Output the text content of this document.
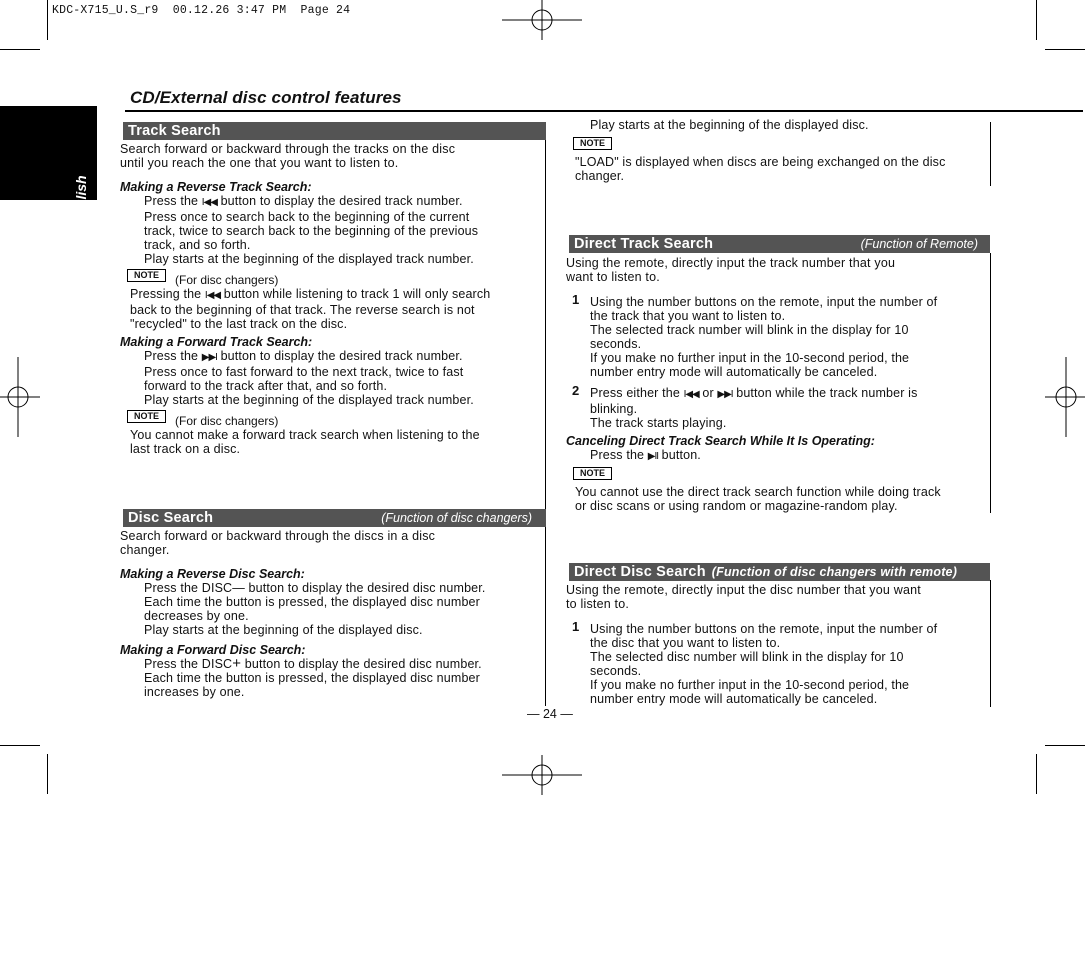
KDC-X715_U.S_r9  00.12.26 3:47 PM  Page 24
English
CD/External disc control features
Track Search
Search forward or backward through the tracks on the disc
until you reach the one that you want to listen to.
Making a Reverse Track Search:
Press the I◀◀ button to display the desired track number.
Press once to search back to the beginning of the current
track, twice to search back to the beginning of the previous
track, and so forth.
Play starts at the beginning of the displayed track number.
NOTE	(For disc changers)
Pressing the I◀◀ button while listening to track 1 will only search
back to the beginning of that track. The reverse search is not
"recycled" to the last track on the disc.
Making a Forward Track Search:
Press the ▶▶I button to display the desired track number.
Press once to fast forward to the next track, twice to fast
forward to the track after that, and so forth.
Play starts at the beginning of the displayed track number.
NOTE	(For disc changers)
You cannot make a forward track search when listening to the
last track on a disc.
Disc Search	(Function of disc changers)
Search forward or backward through the discs in a disc
changer.
Making a Reverse Disc Search:
Press the DISC— button to display the desired disc number.
Each time the button is pressed, the displayed disc number
decreases by one.
Play starts at the beginning of the displayed disc.
Making a Forward Disc Search:
Press the DISC+ button to display the desired disc number.
Each time the button is pressed, the displayed disc number
increases by one.
Play starts at the beginning of the displayed disc.
NOTE
"LOAD" is displayed when discs are being exchanged on the disc
changer.
Direct Track Search	(Function of Remote)
Using the remote, directly input the track number that you
want to listen to.
1 Using the number buttons on the remote, input the number of
the track that you want to listen to.
The selected track number will blink in the display for 10
seconds.
If you make no further input in the 10-second period, the
number entry mode will automatically be canceled.
2 Press either the I◀◀ or ▶▶I button while the track number is
blinking.
The track starts playing.
Canceling Direct Track Search While It Is Operating:
Press the ▶II button.
NOTE
You cannot use the direct track search function while doing track
or disc scans or using random or magazine-random play.
Direct Disc Search (Function of disc changers with remote)
Using the remote, directly input the disc number that you want
to listen to.
1 Using the number buttons on the remote, input the number of
the disc that you want to listen to.
The selected disc number will blink in the display for 10
seconds.
If you make no further input in the 10-second period, the
number entry mode will automatically be canceled.
— 24 —
